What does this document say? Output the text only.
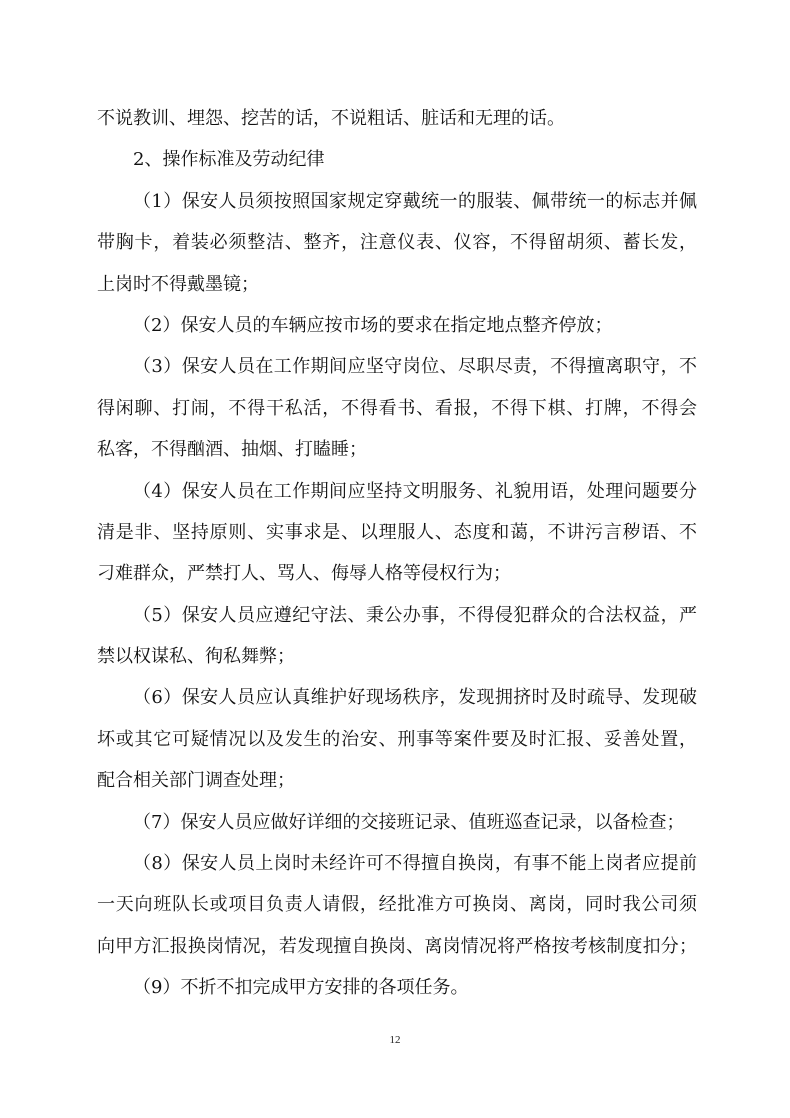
不说教训、埋怨、挖苦的话，不说粗话、脏话和无理的话。
2、操作标准及劳动纪律
（1）保安人员须按照国家规定穿戴统一的服装、佩带统一的标志并佩
带胸卡，着装必须整洁、整齐，注意仪表、仪容，不得留胡须、蓄长发，
上岗时不得戴墨镜；
（2）保安人员的车辆应按市场的要求在指定地点整齐停放；
（3）保安人员在工作期间应坚守岗位、尽职尽责，不得擅离职守，不
得闲聊、打闹，不得干私活，不得看书、看报，不得下棋、打牌，不得会
私客，不得酗酒、抽烟、打瞌睡；
（4）保安人员在工作期间应坚持文明服务、礼貌用语，处理问题要分
清是非、坚持原则、实事求是、以理服人、态度和蔼，不讲污言秽语、不
刁难群众，严禁打人、骂人、侮辱人格等侵权行为；
（5）保安人员应遵纪守法、秉公办事，不得侵犯群众的合法权益，严
禁以权谋私、徇私舞弊；
（6）保安人员应认真维护好现场秩序，发现拥挤时及时疏导、发现破
坏或其它可疑情况以及发生的治安、刑事等案件要及时汇报、妥善处置，
配合相关部门调查处理；
（7）保安人员应做好详细的交接班记录、值班巡查记录，以备检查；
（8）保安人员上岗时未经许可不得擅自换岗，有事不能上岗者应提前
一天向班队长或项目负责人请假，经批准方可换岗、离岗，同时我公司须
向甲方汇报换岗情况，若发现擅自换岗、离岗情况将严格按考核制度扣分；
（9）不折不扣完成甲方安排的各项任务。
12
